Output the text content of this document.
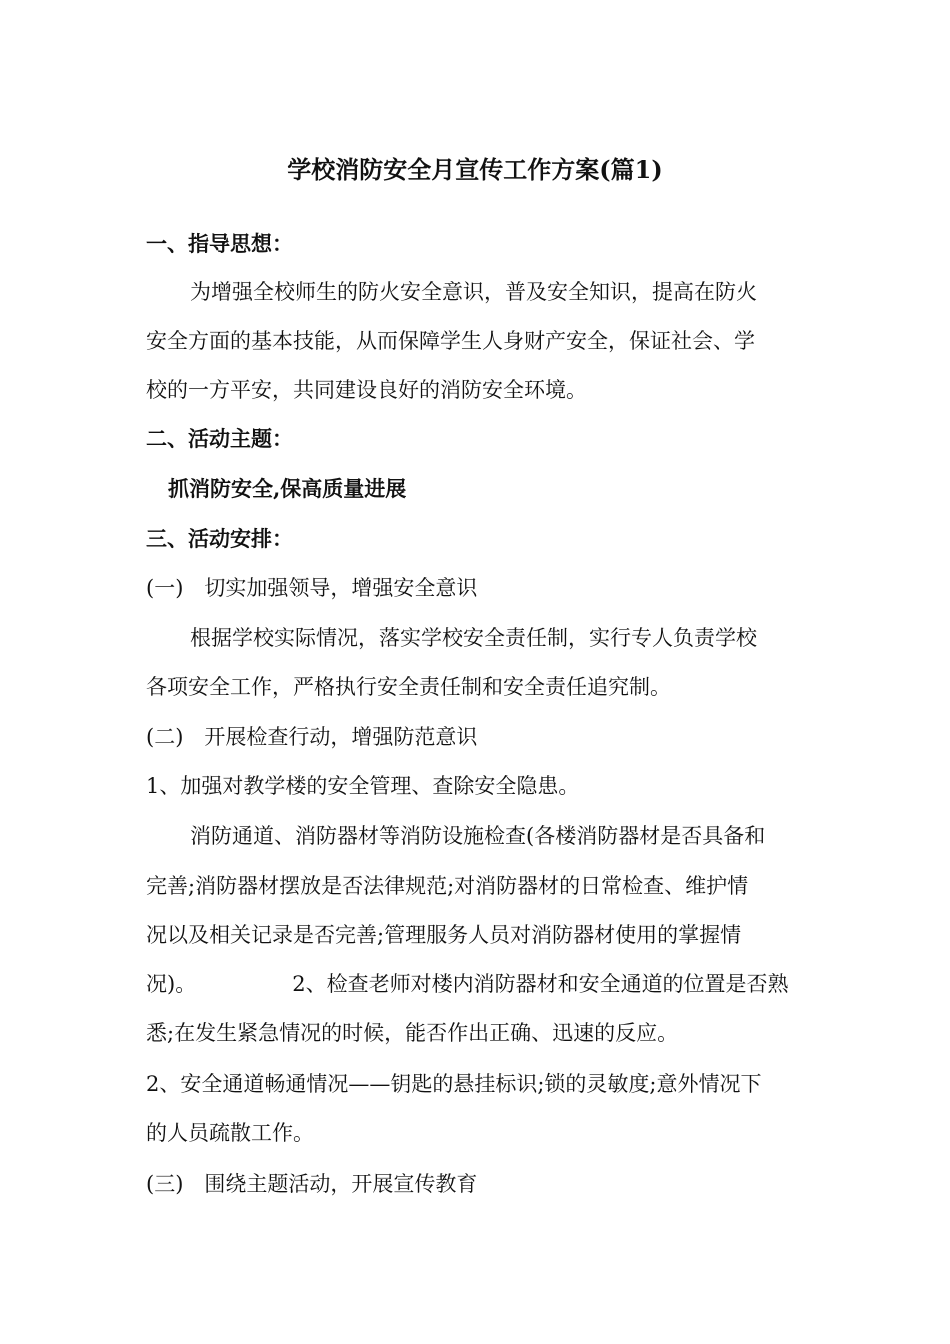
学校消防安全月宣传工作方案(篇1)
一、指导思想：
为增强全校师生的防火安全意识，普及安全知识，提高在防火
安全方面的基本技能，从而保障学生人身财产安全，保证社会、学
校的一方平安，共同建设良好的消防安全环境。
二、活动主题：
抓消防安全,保高质量进展
三、活动安排：
(一)　切实加强领导，增强安全意识
根据学校实际情况，落实学校安全责任制，实行专人负责学校
各项安全工作，严格执行安全责任制和安全责任追究制。
(二)　开展检查行动，增强防范意识
1、加强对教学楼的安全管理、查除安全隐患。
消防通道、消防器材等消防设施检查(各楼消防器材是否具备和
完善;消防器材摆放是否法律规范;对消防器材的日常检查、维护情
况以及相关记录是否完善;管理服务人员对消防器材使用的掌握情
况)。	2、检查老师对楼内消防器材和安全通道的位置是否熟
悉;在发生紧急情况的时候，能否作出正确、迅速的反应。
2、安全通道畅通情况——钥匙的悬挂标识;锁的灵敏度;意外情况下
的人员疏散工作。
(三)　围绕主题活动，开展宣传教育
